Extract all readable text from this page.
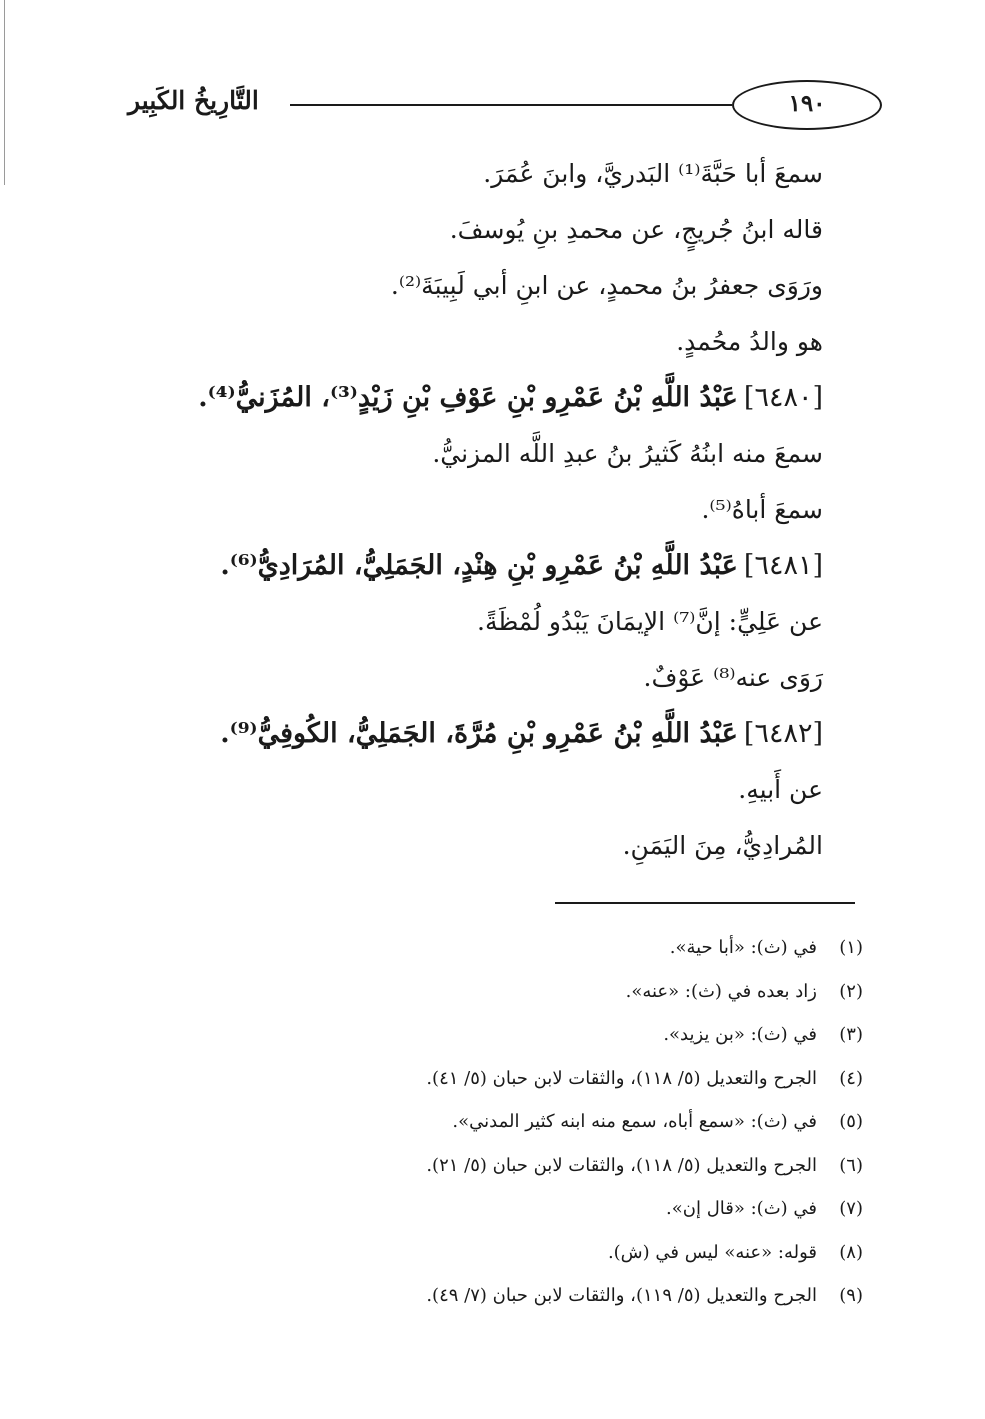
التَّارِيخُ الكَبِير	١٩٠
سمعَ أبا حَبَّةَ⁽¹⁾ البَدريَّ، وابنَ عُمَرَ.
قاله ابنُ جُريجٍ، عن محمدِ بنِ يُوسفَ.
ورَوَى جعفرُ بنُ محمدٍ، عن ابنِ أبي لَبِيبَةَ⁽²⁾.
هو والدُ محُمدٍ.
[٦٤٨٠]عَبْدُ اللَّهِ بْنُ عَمْرِو بْنِ عَوْفِ بْنِ زَيْدٍ⁽³⁾، المُزَنيُّ⁽⁴⁾.
سمعَ منه ابنُهُ كَثيرُ بنُ عبدِ اللَّه المزنيُّ.
سمعَ أباهُ⁽⁵⁾.
[٦٤٨١]عَبْدُ اللَّهِ بْنُ عَمْرِو بْنِ هِنْدٍ، الجَمَلِيُّ، المُرَادِيُّ⁽⁶⁾.
عن عَلِيٍّ: إنَّ⁽⁷⁾ الإيمَانَ يَبْدُو لُمْظَةً.
رَوَى عنه⁽⁸⁾ عَوْفٌ.
[٦٤٨٢]عَبْدُ اللَّهِ بْنُ عَمْرِو بْنِ مُرَّةَ، الجَمَلِيُّ، الكُوفِيُّ⁽⁹⁾.
عن أَبيهِ.
المُرادِيُّ، مِنَ اليَمَنِ.
(١)في (ث): «أبا حية».
(٢)زاد بعده في (ث): «عنه».
(٣)في (ث): «بن يزيد».
(٤)الجرح والتعديل (٥/ ١١٨)، والثقات لابن حبان (٥/ ٤١).
(٥)في (ث): «سمع أباه، سمع منه ابنه كثير المدني».
(٦)الجرح والتعديل (٥/ ١١٨)، والثقات لابن حبان (٥/ ٢١).
(٧)في (ث): «قال إن».
(٨)قوله: «عنه» ليس في (ش).
(٩)الجرح والتعديل (٥/ ١١٩)، والثقات لابن حبان (٧/ ٤٩).
